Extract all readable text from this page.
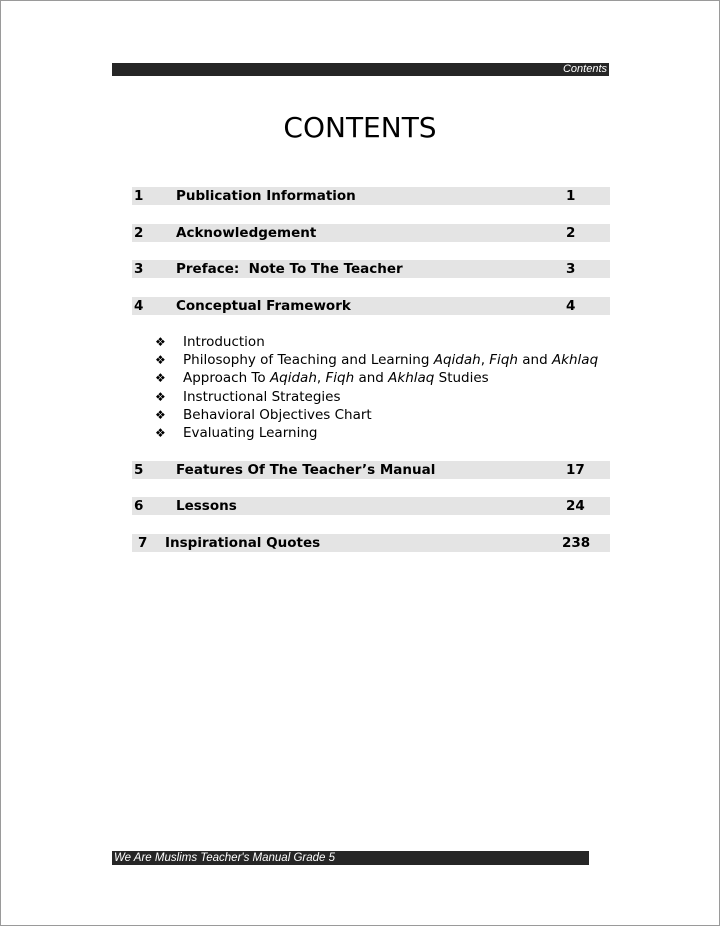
Contents
CONTENTS
1 Publication Information	1
2 Acknowledgement	2
3 Preface:  Note To The Teacher	3
4 Conceptual Framework	4
❖ Introduction
❖ Philosophy of Teaching and Learning Aqidah, Fiqh and Akhlaq
❖ Approach To Aqidah, Fiqh and Akhlaq Studies
❖ Instructional Strategies
❖ Behavioral Objectives Chart
❖ Evaluating Learning
5 Features Of The Teacher’s Manual	17
6 Lessons	24
7 Inspirational Quotes	238
We Are Muslims Teacher's Manual Grade 5
